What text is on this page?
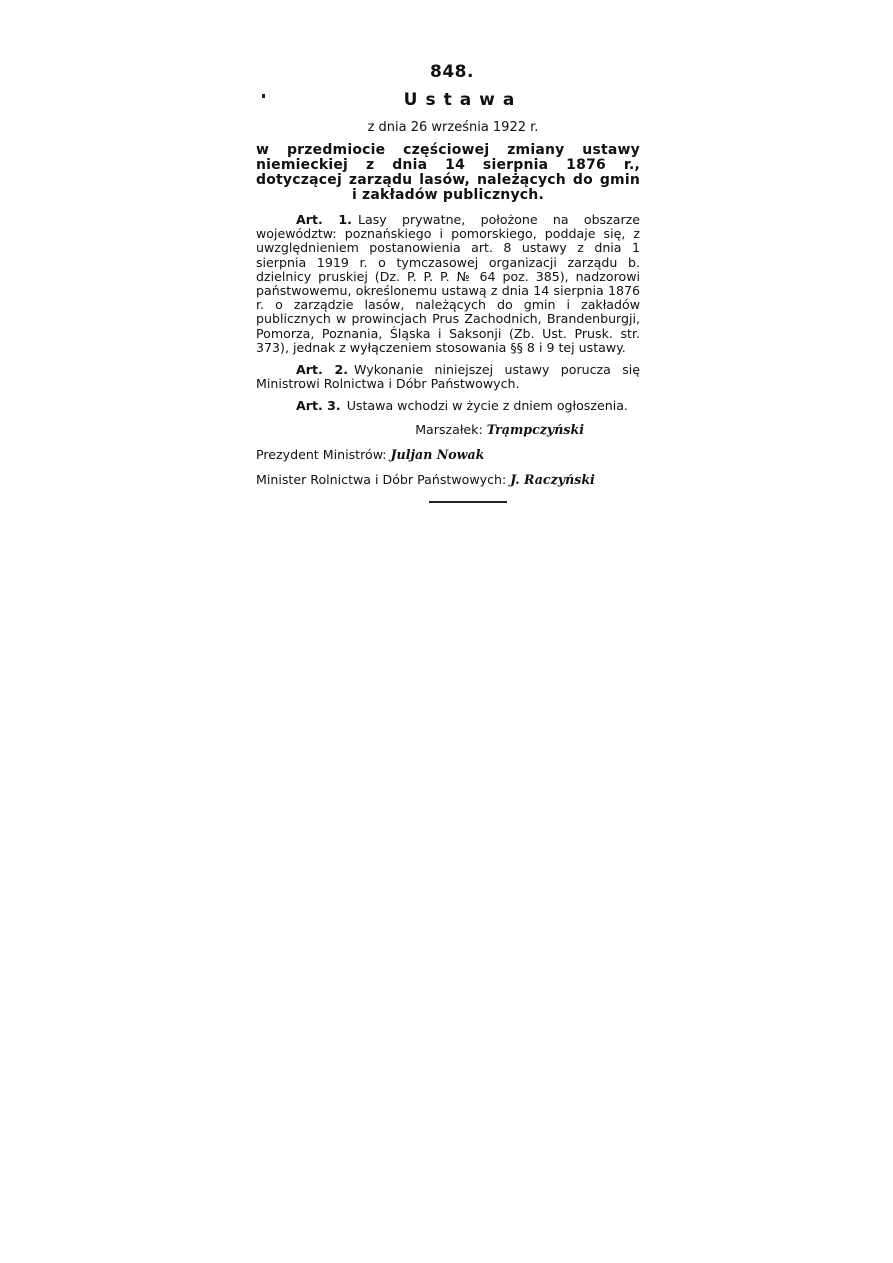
848.
Ustawa
z dnia 26 września 1922 r.
w przedmiocie częściowej zmiany ustawy niemieckiej z dnia 14 sierpnia 1876 r., dotyczącej zarządu lasów, należących do gmin i zakładów publicznych.

Art. 1. Lasy prywatne, położone na obszarze województw: poznańskiego i pomorskiego, poddaje się, z uwzględnieniem postanowienia art. 8 ustawy z dnia 1 sierpnia 1919 r. o tymczasowej organizacji zarządu b. dzielnicy pruskiej (Dz. P. P. P. № 64 poz. 385), nadzorowi państwowemu, określonemu ustawą z dnia 14 sierpnia 1876 r. o zarządzie lasów, należących do gmin i zakładów publicznych w prowincjach Prus Zachodnich, Brandenburgji, Pomorza, Poznania, Śląska i Saksonji (Zb. Ust. Prusk. str. 373), jednak z wyłączeniem stosowania §§ 8 i 9 tej ustawy.

Art. 2. Wykonanie niniejszej ustawy porucza się Ministrowi Rolnictwa i Dóbr Państwowych.

Art. 3. Ustawa wchodzi w życie z dniem ogłoszenia.

Marszałek: Trąmpczyński
Prezydent Ministrów: Juljan Nowak
Minister Rolnictwa i Dóbr Państwowych: J. Raczyński
